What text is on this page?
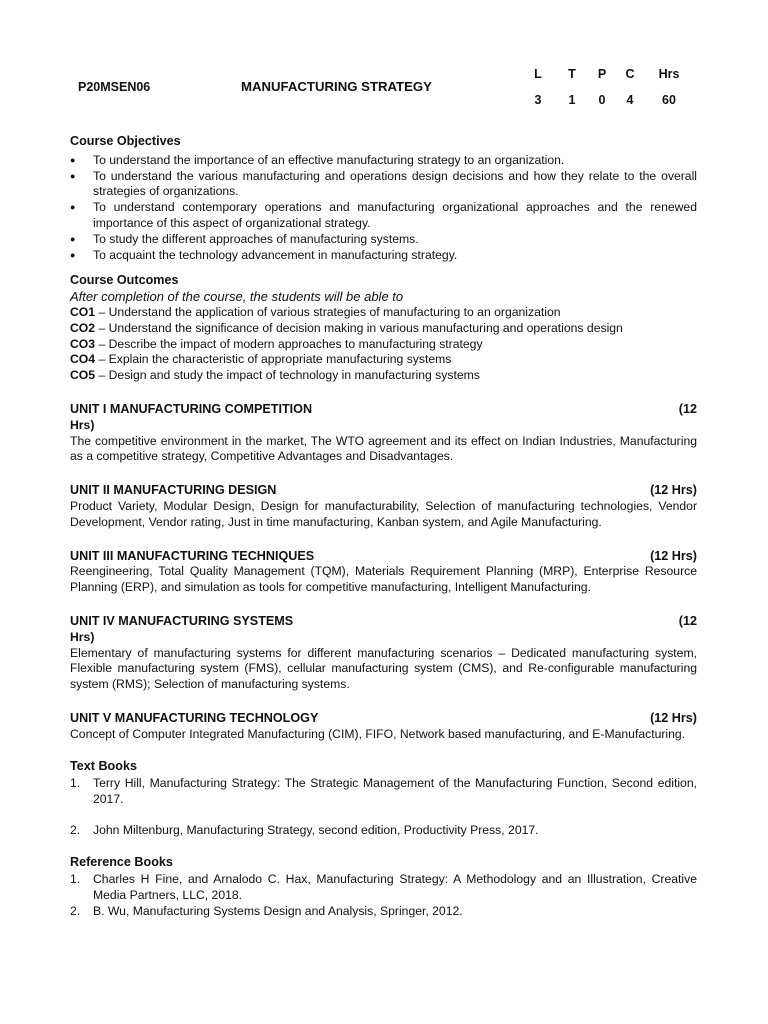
P20MSEN06	MANUFACTURING STRATEGY
L	T	P	C	Hrs
3	1	0	4	60
Course Objectives
● To understand the importance of an effective manufacturing strategy to an organization.
● To understand the various manufacturing and operations design decisions and how they relate to the overall strategies of organizations.
● To understand contemporary operations and manufacturing organizational approaches and the renewed importance of this aspect of organizational strategy.
● To study the different approaches of manufacturing systems.
● To acquaint the technology advancement in manufacturing strategy.
Course Outcomes
After completion of the course, the students will be able to
CO1 – Understand the application of various strategies of manufacturing to an organization
CO2 – Understand the significance of decision making in various manufacturing and operations design
CO3 – Describe the impact of modern approaches to manufacturing strategy
CO4 – Explain the characteristic of appropriate manufacturing systems
CO5 – Design and study the impact of technology in manufacturing systems
UNIT I MANUFACTURING COMPETITION	(12
Hrs)
The competitive environment in the market, The WTO agreement and its effect on Indian Industries, Manufacturing as a competitive strategy, Competitive Advantages and Disadvantages.
UNIT II MANUFACTURING DESIGN	(12 Hrs)
Product Variety, Modular Design, Design for manufacturability, Selection of manufacturing technologies, Vendor Development, Vendor rating, Just in time manufacturing, Kanban system, and Agile Manufacturing.
UNIT III MANUFACTURING TECHNIQUES	(12 Hrs)
Reengineering, Total Quality Management (TQM), Materials Requirement Planning (MRP), Enterprise Resource Planning (ERP), and simulation as tools for competitive manufacturing, Intelligent Manufacturing.
UNIT IV MANUFACTURING SYSTEMS	(12
Hrs)
Elementary of manufacturing systems for different manufacturing scenarios – Dedicated manufacturing system, Flexible manufacturing system (FMS), cellular manufacturing system (CMS), and Re-configurable manufacturing system (RMS); Selection of manufacturing systems.
UNIT V MANUFACTURING TECHNOLOGY	(12 Hrs)
Concept of Computer Integrated Manufacturing (CIM), FIFO, Network based manufacturing, and E-Manufacturing.
Text Books
1. Terry Hill, Manufacturing Strategy: The Strategic Management of the Manufacturing Function, Second edition, 2017.
2. John Miltenburg, Manufacturing Strategy, second edition, Productivity Press, 2017.
Reference Books
1. Charles H Fine, and Arnalodo C. Hax, Manufacturing Strategy: A Methodology and an Illustration, Creative Media Partners, LLC, 2018.
2. B. Wu, Manufacturing Systems Design and Analysis, Springer, 2012.
